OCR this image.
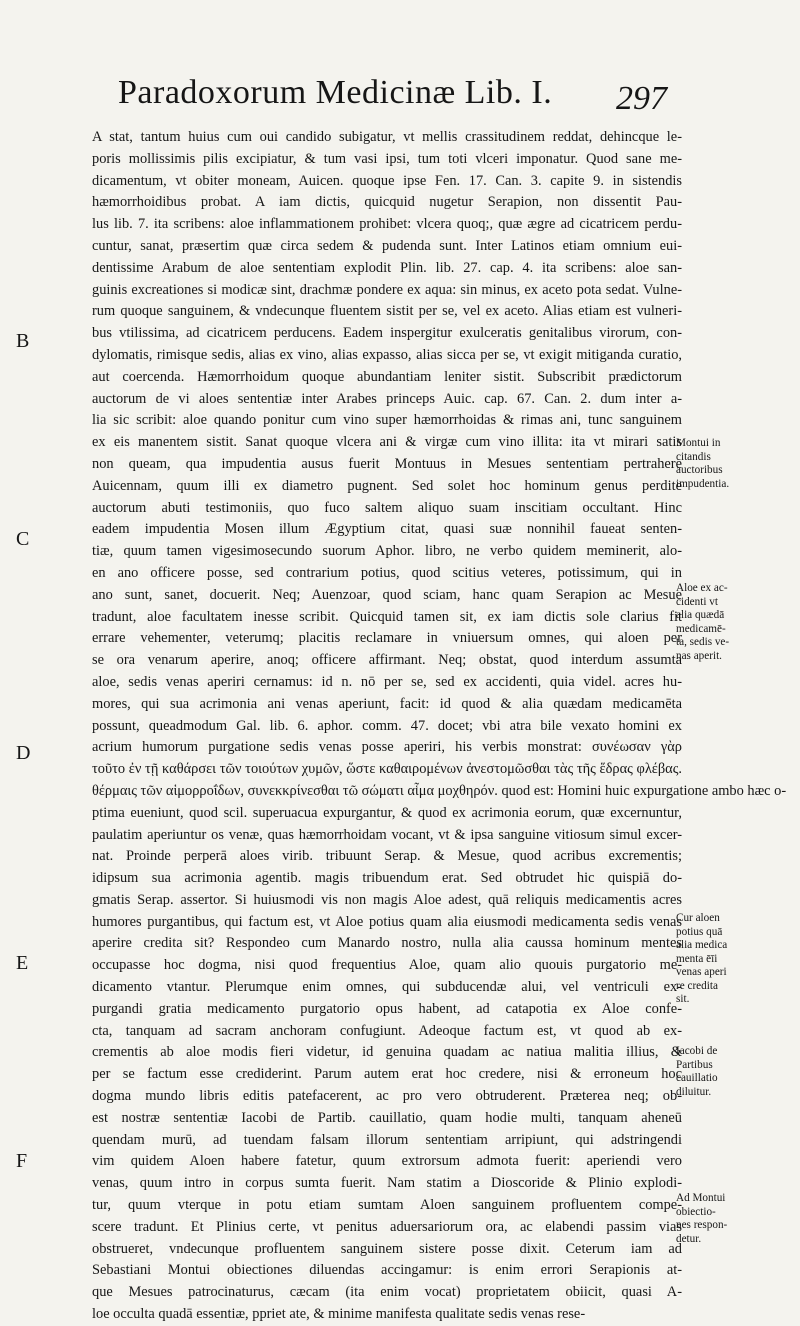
Paradoxorum Medicinæ Lib. I. 297
B
C
D
E
F
A stat, tantum huius cum oui candido subigatur, vt mellis crassitudinem reddat, dehincque le-
poris mollissimis pilis excipiatur, & tum vasi ipsi, tum toti vlceri imponatur. Quod sane me-
dicamentum, vt obiter moneam, Auicen. quoque ipse Fen. 17. Can. 3. capite 9. in sistendis
hæmorrhoidibus probat. A iam dictis, quicquid nugetur Serapion, non dissentit Pau-
lus lib. 7. ita scribens: aloe inflammationem prohibet: vlcera quoq;, quæ ægre ad cicatricem perdu-
cuntur, sanat, præsertim quæ circa sedem & pudenda sunt. Inter Latinos etiam omnium eui-
dentissime Arabum de aloe sententiam explodit Plin. lib. 27. cap. 4. ita scribens: aloe san-
guinis excreationes si modicæ sint, drachmæ pondere ex aqua: sin minus, ex aceto pota sedat. Vulne-
rum quoque sanguinem, & vndecunque fluentem sistit per se, vel ex aceto. Alias etiam est vulneri-
bus vtilissima, ad cicatricem perducens. Eadem inspergitur exulceratis genitalibus virorum, con-
dylomatis, rimisque sedis, alias ex vino, alias expasso, alias sicca per se, vt exigit mitiganda curatio,
aut coercenda. Hæmorrhoidum quoque abundantiam leniter sistit. Subscribit prædictorum
auctorum de vi aloes sententiæ inter Arabes princeps Auic. cap. 67. Can. 2. dum inter a-
lia sic scribit: aloe quando ponitur cum vino super hæmorrhoidas & rimas ani, tunc sanguinem
ex eis manentem sistit. Sanat quoque vlcera ani & virgæ cum vino illita: ita vt mirari satis
non queam, qua impudentia ausus fuerit Montuus in Mesues sententiam pertrahere
Auicennam, quum illi ex diametro pugnent. Sed solet hoc hominum genus perdite
auctorum abuti testimoniis, quo fuco saltem aliquo suam inscitiam occultant. Hinc
eadem impudentia Mosen illum Ægyptium citat, quasi suæ nonnihil faueat senten-
tiæ, quum tamen vigesimosecundo suorum Aphor. libro, ne verbo quidem meminerit, alo-
en ano officere posse, sed contrarium potius, quod scitius veteres, potissimum, qui in
ano sunt, sanet, docuerit. Neq; Auenzoar, quod sciam, hanc quam Serapion ac Mesue
tradunt, aloe facultatem inesse scribit. Quicquid tamen sit, ex iam dictis sole clarius fit
errare vehementer, veterumq; placitis reclamare in vniuersum omnes, qui aloen per
se ora venarum aperire, anoq; officere affirmant. Neq; obstat, quod interdum assumta
aloe, sedis venas aperiri cernamus: id n. nō per se, sed ex accidenti, quia videl. acres hu-
mores, qui sua acrimonia ani venas aperiunt, facit: id quod & alia quædam medicamēta
possunt, queadmodum Gal. lib. 6. aphor. comm. 47. docet; vbi atra bile vexato homini ex
acrium humorum purgatione sedis venas posse aperiri, his verbis monstrat: συνέωσαν γὰρ
τοῦτο ἐν τῇ καθάρσει τῶν τοιούτων χυμῶν, ὥστε καθαιρομένων ἀνεστομῶσθαι τὰς τῆς ἕδρας φλέβας.
θέρμαις τῶν αἱμορροΐδων, συνεκκρίνεσθαι τῶ σώματι αἷμα μοχθηρόν. quod est: Homini huic expurgatione ambo hæc o-
ptima eueniunt, quod scil. superuacua expurgantur, & quod ex acrimonia eorum, quæ excernuntur,
paulatim aperiuntur os venæ, quas hæmorrhoidam vocant, vt & ipsa sanguine vitiosum simul excer-
nat. Proinde perperā aloes virib. tribuunt Serap. & Mesue, quod acribus excrementis;
idipsum sua acrimonia agentib. magis tribuendum erat. Sed obtrudet hic quispiā do-
gmatis Serap. assertor. Si huiusmodi vis non magis Aloe adest, quā reliquis medicamentis acres
humores purgantibus, qui factum est, vt Aloe potius quam alia eiusmodi medicamenta sedis venas
aperire credita sit? Respondeo cum Manardo nostro, nulla alia caussa hominum mentes
occupasse hoc dogma, nisi quod frequentius Aloe, quam alio quouis purgatorio me-
dicamento vtantur. Plerumque enim omnes, qui subducendæ alui, vel ventriculi ex-
purgandi gratia medicamento purgatorio opus habent, ad catapotia ex Aloe confe-
cta, tanquam ad sacram anchoram confugiunt. Adeoque factum est, vt quod ab ex-
crementis ab aloe modis fieri videtur, id genuina quadam ac natiua malitia illius, &
per se factum esse crediderint. Parum autem erat hoc credere, nisi & erroneum hoc
dogma mundo libris editis patefacerent, ac pro vero obtruderent. Præterea neq; ob-
est nostræ sententiæ Iacobi de Partib. cauillatio, quam hodie multi, tanquam aheneū
quendam murū, ad tuendam falsam illorum sententiam arripiunt, qui adstringendi
vim quidem Aloen habere fatetur, quum extrorsum admota fuerit: aperiendi vero
venas, quum intro in corpus sumta fuerit. Nam statim a Dioscoride & Plinio explodi-
tur, quum vterque in potu etiam sumtam Aloen sanguinem profluentem compe-
scere tradunt. Et Plinius certe, vt penitus aduersariorum ora, ac elabendi passim vias
obstrueret, vndecunque profluentem sanguinem sistere posse dixit. Ceterum iam ad
Sebastiani Montui obiectiones diluendas accingamur: is enim errori Serapionis at-
que Mesues patrocinaturus, cæcam (ita enim vocat) proprietatem obiicit, quasi A-
loe occulta quadā essentiæ, ppriet ate, & minime manifesta qualitate sedis venas rese-
Montui in
citandis
auctoribus
impudentia.
Aloe ex ac-
cidenti vt
alia quædā
medicamē-
ta, sedis ve-
nas aperit.
Cur aloen
potius quā
alia medica
menta ēīi
venas aperi
re credita
sit.
Iacobi de
Partibus
cauillatio
diluitur.
Ad Montui
obiectio-
nes respon-
detur.
